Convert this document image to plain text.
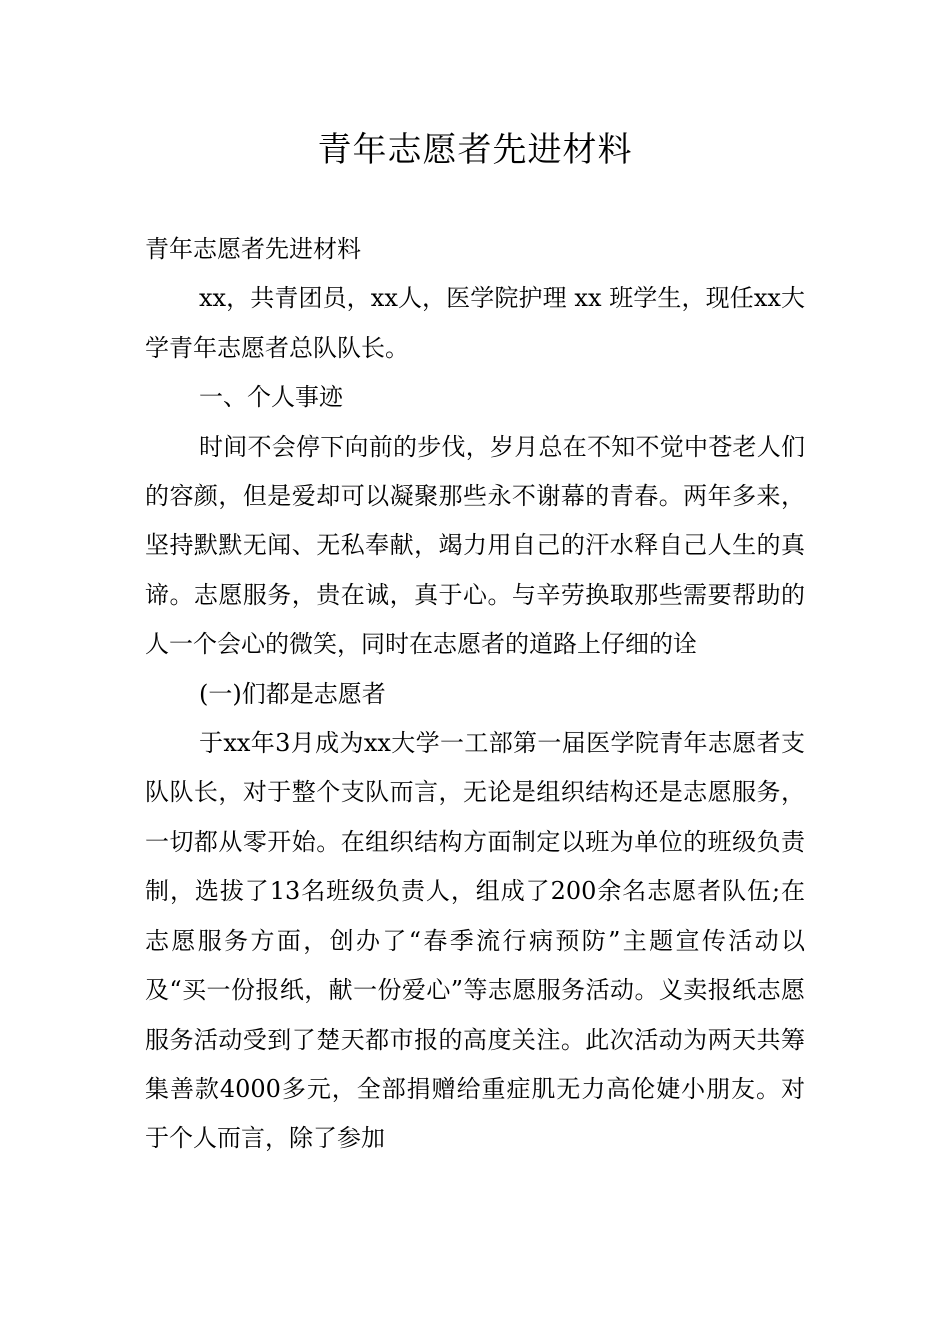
青年志愿者先进材料

青年志愿者先进材料

xx，共青团员，xx人，医学院护理 xx 班学生，现任xx大学青年志愿者总队队长。

一、个人事迹

时间不会停下向前的步伐，岁月总在不知不觉中苍老人们的容颜，但是爱却可以凝聚那些永不谢幕的青春。两年多来，坚持默默无闻、无私奉献，竭力用自己的汗水释自己人生的真谛。志愿服务，贵在诚，真于心。与辛劳换取那些需要帮助的人一个会心的微笑，同时在志愿者的道路上仔细的诠

(一)们都是志愿者

于xx年3月成为xx大学一工部第一届医学院青年志愿者支队队长，对于整个支队而言，无论是组织结构还是志愿服务，一切都从零开始。在组织结构方面制定以班为单位的班级负责制，选拔了13名班级负责人，组成了200余名志愿者队伍;在志愿服务方面，创办了“春季流行病预防”主题宣传活动以及“买一份报纸，献一份爱心”等志愿服务活动。义卖报纸志愿服务活动受到了楚天都市报的高度关注。此次活动为两天共筹集善款4000多元，全部捐赠给重症肌无力高伦婕小朋友。对于个人而言，除了参加
